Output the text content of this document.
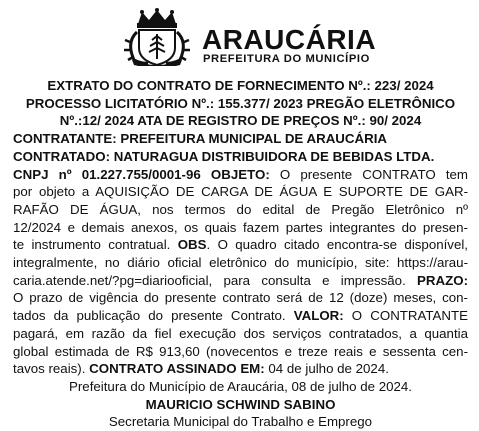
ARAUCÁRIA
PREFEITURA DO MUNICÍPIO
EXTRATO DO CONTRATO DE FORNECIMENTO Nº.: 223/ 2024
PROCESSO LICITATÓRIO Nº.: 155.377/ 2023 PREGÃO ELETRÔNICO
Nº.:12/ 2024 ATA DE REGISTRO DE PREÇOS Nº.: 90/ 2024
CONTRATANTE: PREFEITURA MUNICIPAL DE ARAUCÁRIA
CONTRATADO: NATURAGUA DISTRIBUIDORA DE BEBIDAS LTDA.
CNPJ nº 01.227.755/0001-96 OBJETO: O presente CONTRATO tem
por objeto a AQUISIÇÃO DE CARGA DE ÁGUA E SUPORTE DE GAR-
RAFÃO DE ÁGUA, nos termos do edital de Pregão Eletrônico nº
12/2024 e demais anexos, os quais fazem partes integrantes do presen-
te instrumento contratual. OBS. O quadro citado encontra-se disponível,
integralmente, no diário oficial eletrônico do município, site: https://arau-
caria.atende.net/?pg=diariooficial, para consulta e impressão. PRAZO:
O prazo de vigência do presente contrato será de 12 (doze) meses, con-
tados da publicação do presente Contrato. VALOR: O CONTRATANTE
pagará, em razão da fiel execução dos serviços contratados, a quantia
global estimada de R$ 913,60 (novecentos e treze reais e sessenta cen-
tavos reais). CONTRATO ASSINADO EM: 04 de julho de 2024.
Prefeitura do Município de Araucária, 08 de julho de 2024.
MAURICIO SCHWIND SABINO
Secretaria Municipal do Trabalho e Emprego
